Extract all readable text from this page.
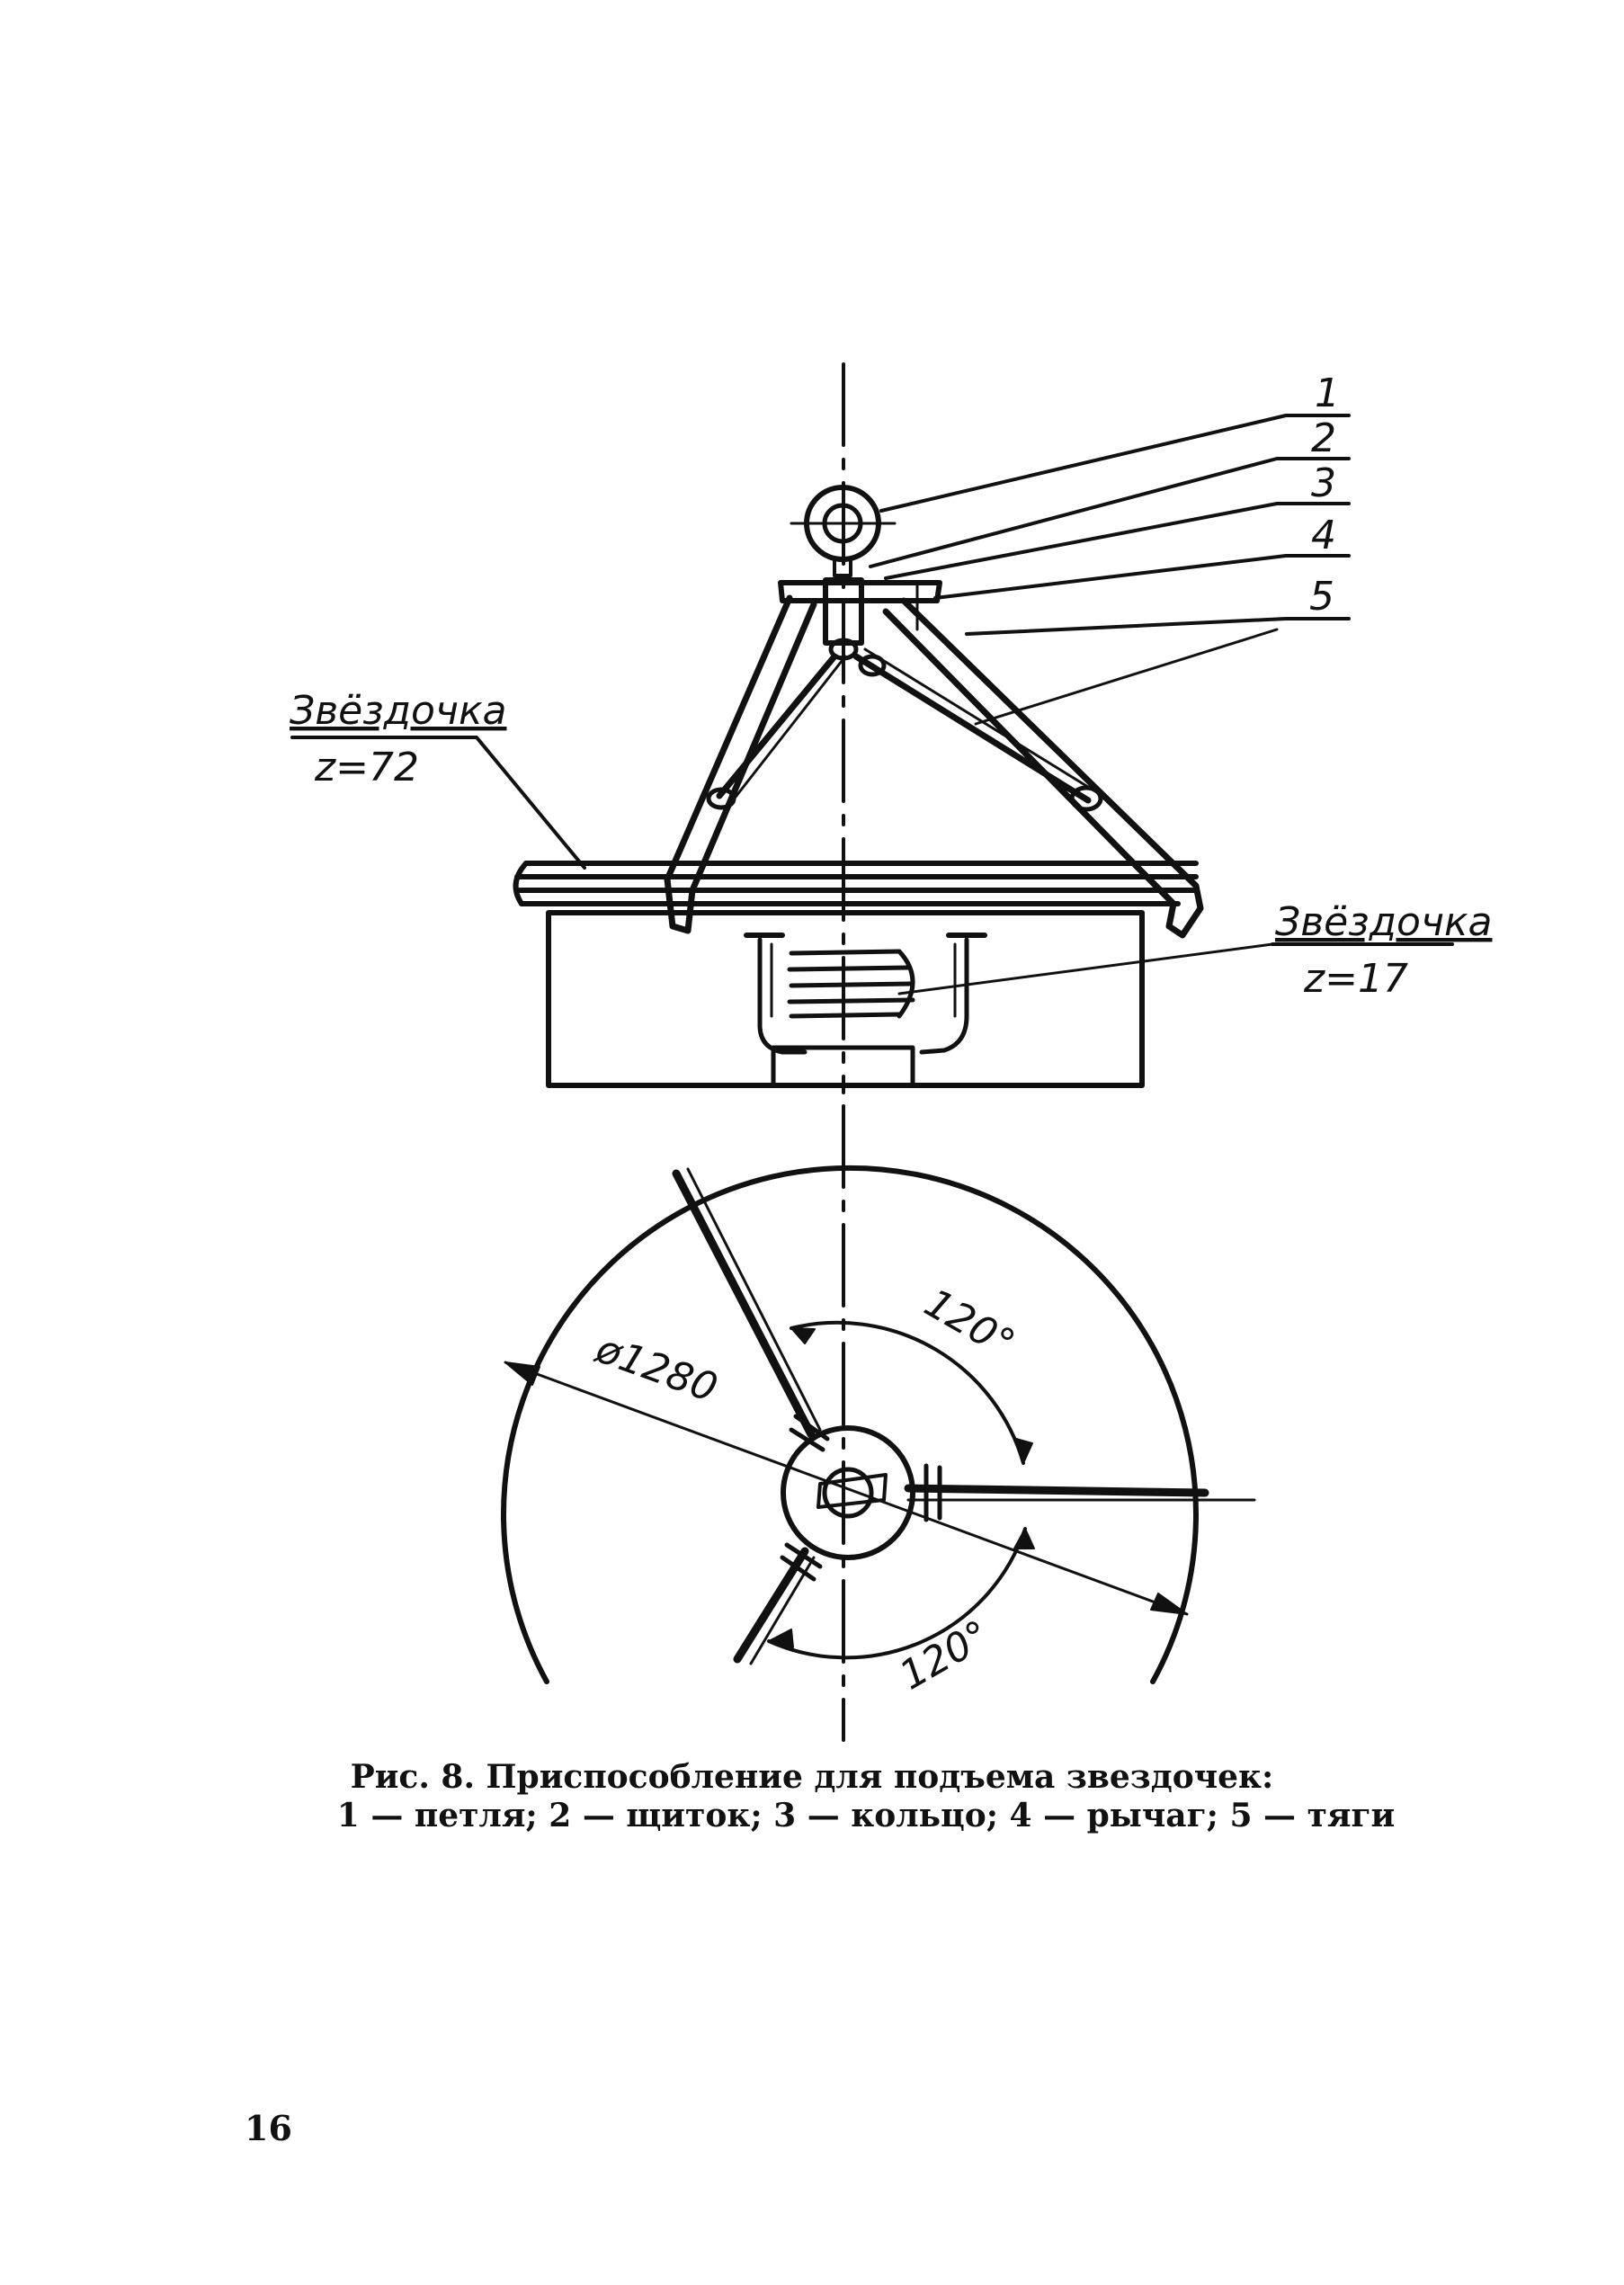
1
2
3
4
5
Звёздочка
z=72
Звёздочка
z=17
ø1280
120°
120°
Рис. 8. Приспособление для подъема звездочек:
1 — петля; 2 — щиток; 3 — кольцо; 4 — рычаг; 5 — тяги
16
